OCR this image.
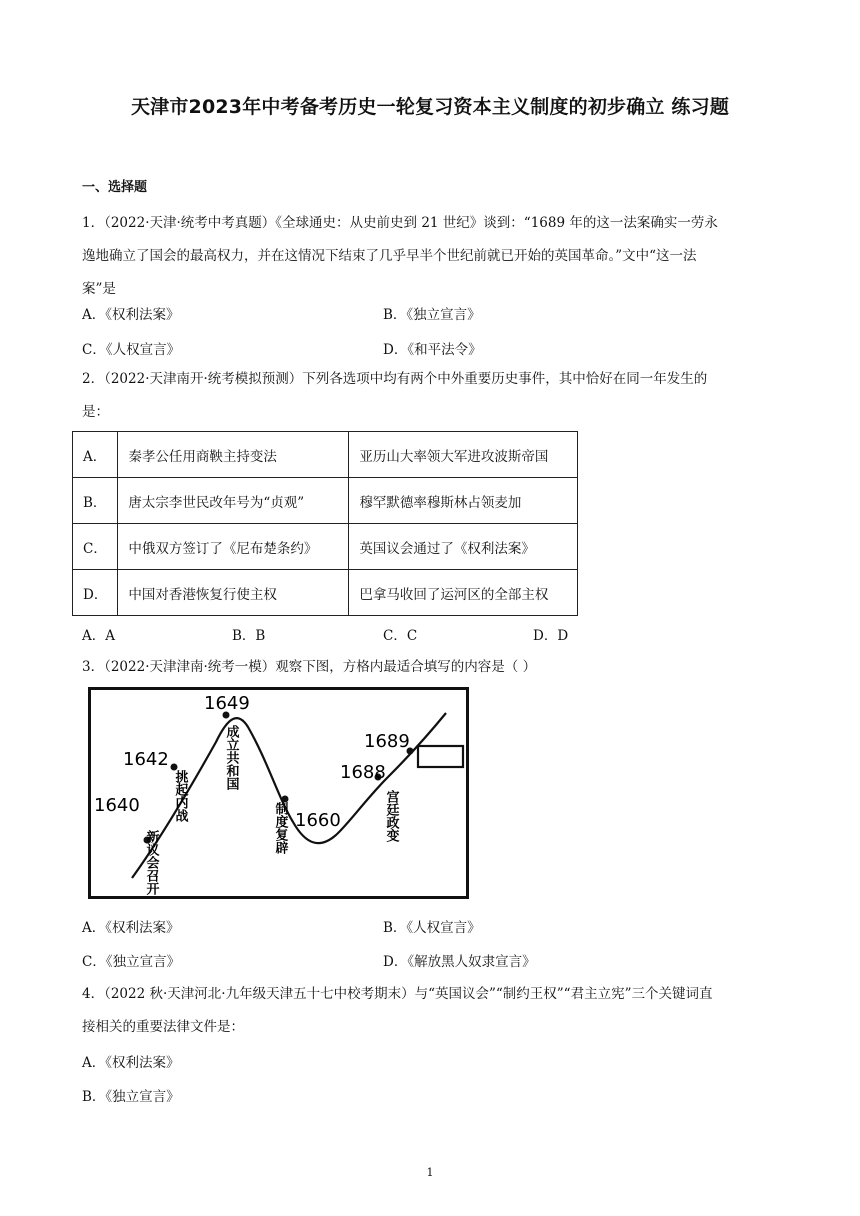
天津市2023年中考备考历史一轮复习资本主义制度的初步确立 练习题
一、选择题
1．（2022·天津·统考中考真题）《全球通史：从史前史到 21 世纪》谈到：“1689 年的这一法案确实一劳永
逸地确立了国会的最高权力，并在这情况下结束了几乎早半个世纪前就已开始的英国革命。”文中“这一法
案”是
A．《权利法案》	B．《独立宣言》
C．《人权宣言》	D．《和平法令》
2．（2022·天津南开·统考模拟预测）下列各选项中均有两个中外重要历史事件，其中恰好在同一年发生的
是：
A．	秦孝公任用商鞅主持变法	亚历山大率领大军进攻波斯帝国
B．	唐太宗李世民改年号为“贞观”	穆罕默德率穆斯林占领麦加
C．	中俄双方签订了《尼布楚条约》	英国议会通过了《权利法案》
D．	中国对香港恢复行使主权	巴拿马收回了运河区的全部主权
A．A	B．B	C．C	D．D
3．（2022·天津津南·统考一模）观察下图，方格内最适合填写的内容是（ ）
1640
1642
1649
1660
1688
1689
新议会召开
挑起内战
成立共和国
制度复辟	宫廷政变
A．《权利法案》	B．《人权宣言》
C．《独立宣言》	D．《解放黑人奴隶宣言》
4．（2022 秋·天津河北·九年级天津五十七中校考期末）与“英国议会”“制约王权”“君主立宪”三个关键词直
接相关的重要法律文件是：
A．《权利法案》
B．《独立宣言》
1
